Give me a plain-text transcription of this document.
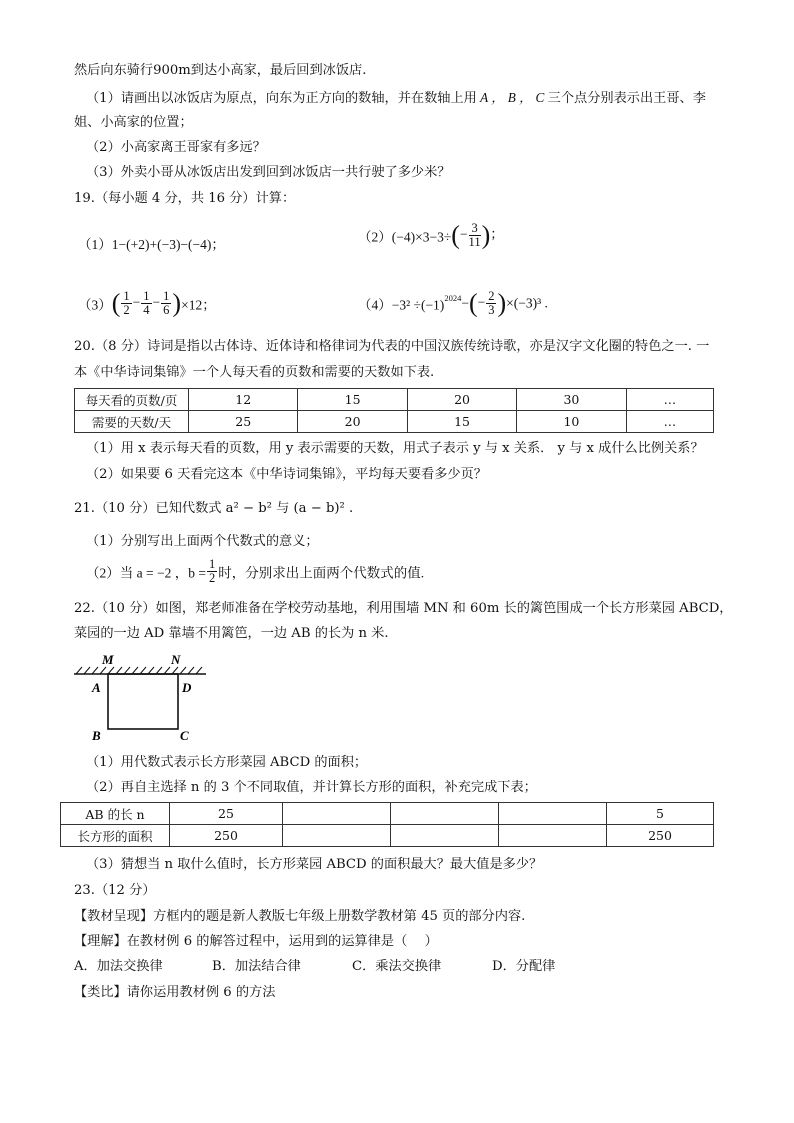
然后向东骑行900m到达小高家，最后回到冰饭店.
（1）请画出以冰饭店为原点，向东为正方向的数轴，并在数轴上用 A ， B ， C 三个点分别表示出王哥、李
姐、小高家的位置；
（2）小高家离王哥家有多远？
（3）外卖小哥从冰饭店出发到回到冰饭店一共行驶了多少米？
19.（每小题 4 分，共 16 分）计算：
（1）1−(+2)+(−3)−(−4)；	$(2)(-4)\times 3-3\div(- \frac{3}{11}$ )；
$(3)( \frac{1}{2} - \frac{1}{4} - \frac{1}{6} )\times 12$；	$(4)-3^2 \div(-1)^{2024}-(- \frac{2}{3} )\times(-3)^3$ .
20.（8 分）诗词是指以古体诗、近体诗和格律词为代表的中国汉族传统诗歌，亦是汉字文化圈的特色之一. 一
本《中华诗词集锦》一个人每天看的页数和需要的天数如下表.
每天看的页数/页	12	15	20	30	…
需要的天数/天	25	20	15	10	…
（1）用 x 表示每天看的页数，用 y 表示需要的天数，用式子表示 y 与 x 关系． y 与 x 成什么比例关系？
（2）如果要 6 天看完这本《中华诗词集锦》，平均每天要看多少页？
21.（10 分）已知代数式 a² − b² 与 (a − b)² .
（1）分别写出上面两个代数式的意义；
（2）当 a = −2 ，$b = \frac{1}{2}$ 时，分别求出上面两个代数式的值.
22.（10 分）如图，郑老师准备在学校劳动基地，利用围墙 MN 和 60m 长的篱笆围成一个长方形菜园 ABCD，
菜园的一边 AD 靠墙不用篱笆，一边 AB 的长为 n 米.
M	N
A	D
B	C
（1）用代数式表示长方形菜园 ABCD 的面积；
（2）再自主选择 n 的 3 个不同取值，并计算长方形的面积，补充完成下表；
AB 的长 n	25				5
长方形的面积	250				250
（3）猜想当 n 取什么值时，长方形菜园 ABCD 的面积最大？最大值是多少？
23.（12 分）
【教材呈现】方框内的题是新人教版七年级上册数学教材第 45 页的部分内容.
【理解】在教材例 6 的解答过程中，运用到的运算律是（　 ）
A．加法交换律	B．加法结合律	C．乘法交换律	D．分配律
【类比】请你运用教材例 6 的方法
